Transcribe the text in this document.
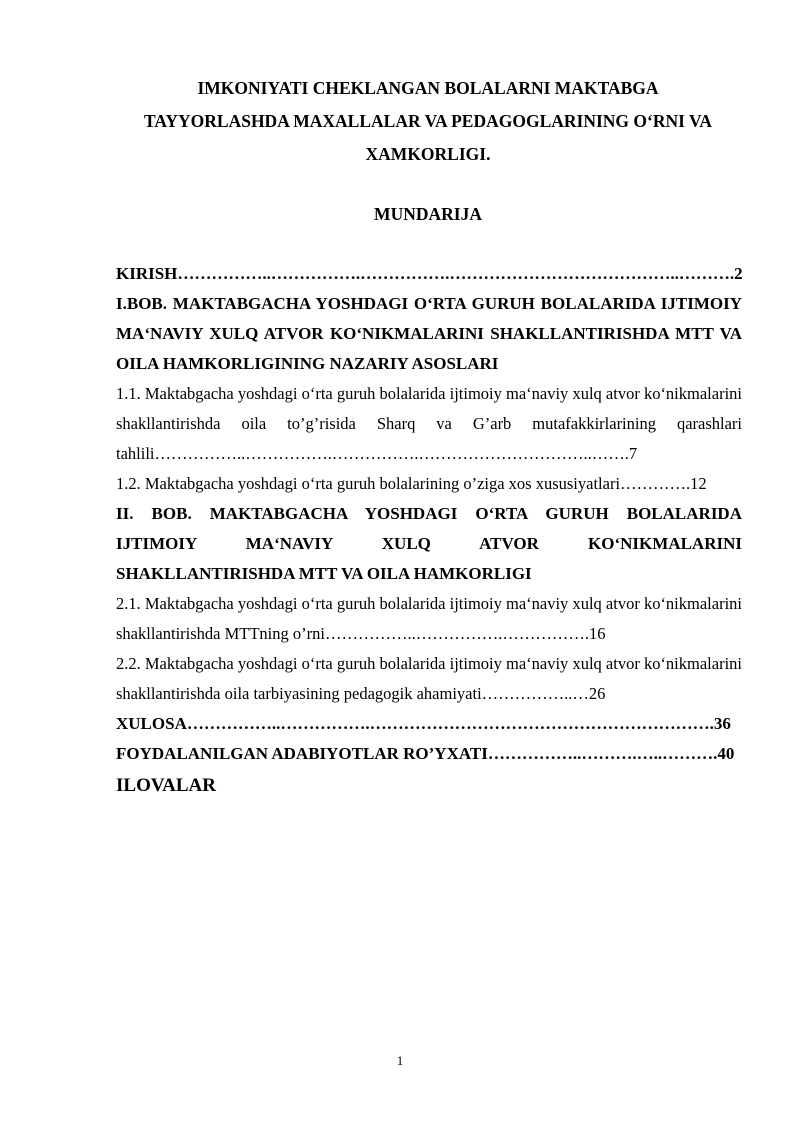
IMKONIYATI CHEKLANGAN BOLALARNI MAKTABGA
TAYYORLASHDA MAXALLALAR VA PEDAGOGLARINING O‘RNI VA
XAMKORLIGI.
MUNDARIJA

KIRISH……………..…………….…………….…………………………………..……….2

I.BOB. MAKTABGACHA YOSHDAGI O‘RTA GURUH BOLALARIDA IJTIMOIY MA‘NAVIY XULQ ATVOR KO‘NIKMALARINI SHAKLLANTIRISHDA MTT VA OILA HAMKORLIGINING NAZARIY ASOSLARI

1.1. Maktabgacha yoshdagi o‘rta guruh bolalarida ijtimoiy ma‘naviy xulq atvor ko‘nikmalarini shakllantirishda oila to’g’risida Sharq va G’arb mutafakkirlarining qarashlari tahlili……………..…………….…………….…………………………..…….7

1.2. Maktabgacha yoshdagi o‘rta guruh bolalarining o’ziga xos xususiyatlari………….12

II. BOB. MAKTABGACHA YOSHDAGI O‘RTA GURUH BOLALARIDA IJTIMOIY MA‘NAVIY XULQ ATVOR KO‘NIKMALARINI SHAKLLANTIRISHDA MTT VA OILA HAMKORLIGI

2.1. Maktabgacha yoshdagi o‘rta guruh bolalarida ijtimoiy ma‘naviy xulq atvor ko‘nikmalarini shakllantirishda MTTning o’rni……………..…………….…………….16

2.2. Maktabgacha yoshdagi o‘rta guruh bolalarida ijtimoiy ma‘naviy xulq atvor ko‘nikmalarini shakllantirishda oila tarbiyasining pedagogik ahamiyati……………..…26

XULOSA……………..…………….…………………………………………………….36

FOYDALANILGAN ADABIYOTLAR RO’YXATI……………..……….…..……….40

ILOVALAR

1
